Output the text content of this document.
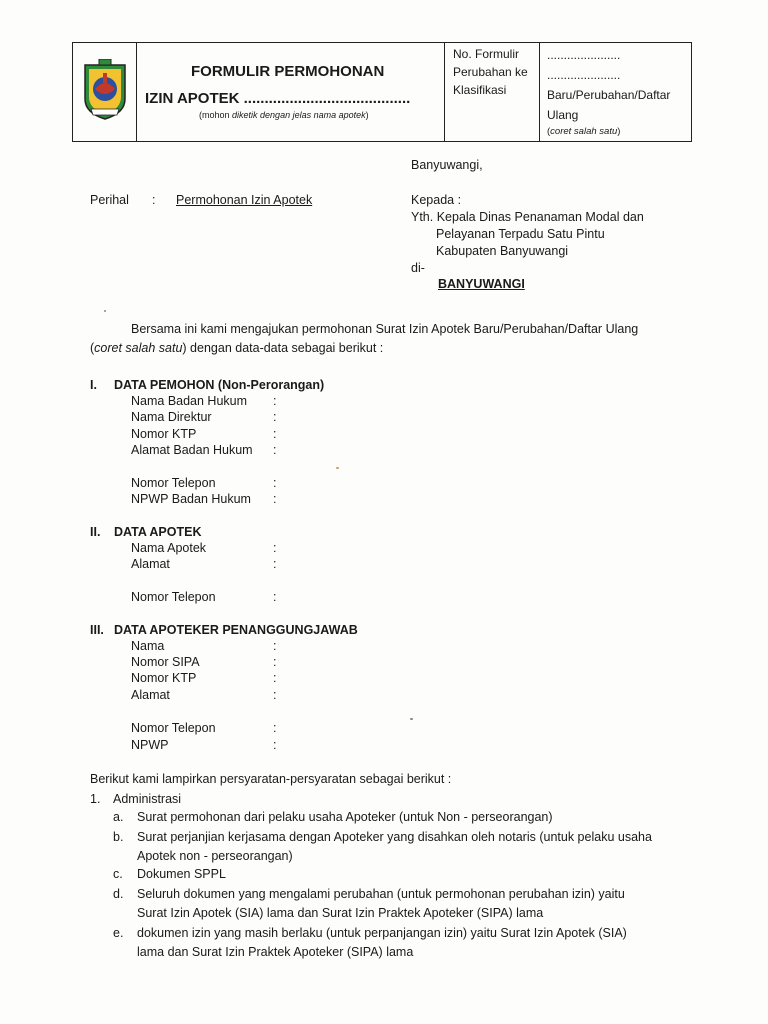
FORMULIR PERMOHONAN
IZIN APOTEK ........................................
(mohon diketik dengan jelas nama apotek)
No. Formulir
Perubahan ke
Klasifikasi
......................
......................
Baru/Perubahan/Daftar
Ulang
(coret salah satu)
Banyuwangi,
Perihal : Permohonan Izin Apotek	Kepada :
Yth. Kepala Dinas Penanaman Modal dan
Pelayanan Terpadu Satu Pintu
Kabupaten Banyuwangi
di-
BANYUWANGI
Bersama ini kami mengajukan permohonan Surat Izin Apotek Baru/Perubahan/Daftar Ulang
(coret salah satu) dengan data-data sebagai berikut :
I. DATA PEMOHON (Non-Perorangan)
Nama Badan Hukum :
Nama Direktur	:
Nomor KTP	:
Alamat Badan Hukum :
Nomor Telepon	:
NPWP Badan Hukum :
II. DATA APOTEK
Nama Apotek	:
Alamat	:
Nomor Telepon	:
III. DATA APOTEKER PENANGGUNGJAWAB
Nama	:
Nomor SIPA	:
Nomor KTP	:
Alamat	:
Nomor Telepon	:
NPWP	:
Berikut kami lampirkan persyaratan-persyaratan sebagai berikut :
1. Administrasi
a. Surat permohonan dari pelaku usaha Apoteker (untuk Non - perseorangan)
b. Surat perjanjian kerjasama dengan Apoteker yang disahkan oleh notaris (untuk pelaku usaha
Apotek non - perseorangan)
c. Dokumen SPPL
d. Seluruh dokumen yang mengalami perubahan (untuk permohonan perubahan izin) yaitu
Surat Izin Apotek (SIA) lama dan Surat Izin Praktek Apoteker (SIPA) lama
e. dokumen izin yang masih berlaku (untuk perpanjangan izin) yaitu Surat Izin Apotek (SIA)
lama dan Surat Izin Praktek Apoteker (SIPA) lama
